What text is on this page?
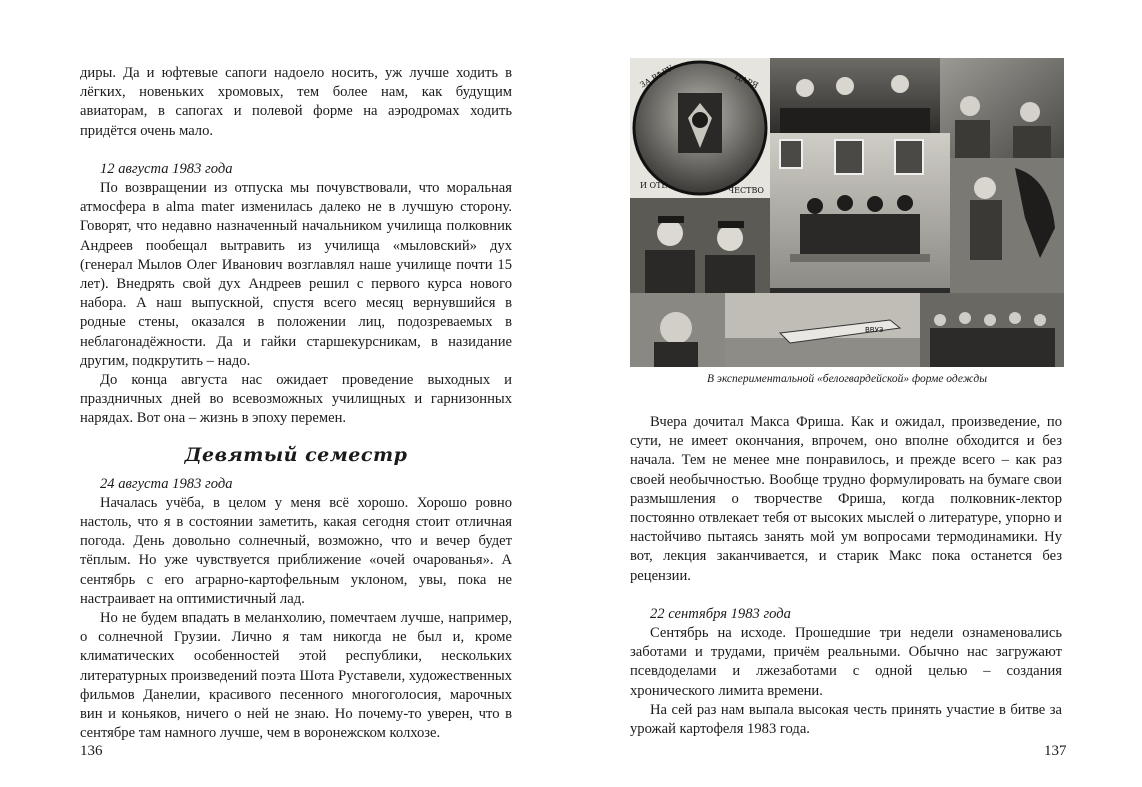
диры. Да и юфтевые сапоги надоело носить, уж лучше ходить в лёгких, новеньких хромовых, тем более нам, как будущим авиаторам, в сапогах и полевой форме на аэродромах ходить придётся очень мало.

12 августа 1983 года

По возвращении из отпуска мы почувствовали, что моральная атмосфера в alma mater изменилась далеко не в лучшую сторону. Говорят, что недавно назначенный начальником училища полковник Андреев пообещал вытравить из училища «мыловский» дух (генерал Мылов Олег Иванович возглавлял наше училище почти 15 лет). Внедрять свой дух Андреев решил с первого курса нового набора. А наш выпускной, спустя всего месяц вернувшийся в родные стены, оказался в положении лиц, подозреваемых в неблагонадёжности. Да и гайки старшекурсникам, в назидание другим, подкрутить – надо.

До конца августа нас ожидает проведение выходных и праздничных дней во всевозможных училищных и гарнизонных нарядах. Вот она – жизнь в эпоху перемен.

Девятый семестр
24 августа 1983 года

Началась учёба, в целом у меня всё хорошо. Хорошо ровно настоль, что я в состоянии заметить, какая сегодня стоит отличная погода. День довольно солнечный, возможно, что и вечер будет тёплым. Но уже чувствуется приближение «очей очарованья». А сентябрь с его аграрно-картофельным уклоном, увы, пока не настраивает на оптимистичный лад.

Но не будем впадать в меланхолию, помечтаем лучше, например, о солнечной Грузии. Лично я там никогда не был и, кроме климатических особенностей этой республики, нескольких литературных произведений поэта Шота Руставели, художественных фильмов Данелии, красивого песенного многоголосия, марочных вин и коньяков, ничего о ней не знаю. Но почему-то уверен, что в сентябре там намного лучше, чем в воронежском колхозе.

136
ЗА ВѢРУ	ЦАРЯ
И ОТЕ
ЧЕСТВО
ВВУЗ
В экспериментальной «белогвардейской» форме одежды

Вчера дочитал Макса Фриша. Как и ожидал, произведение, по сути, не имеет окончания, впрочем, оно вполне обходится и без начала. Тем не менее мне понравилось, и прежде всего – как раз своей необычностью. Вообще трудно формулировать на бумаге свои размышления о творчестве Фриша, когда полковник-лектор постоянно отвлекает тебя от высоких мыслей о литературе, упорно и настойчиво пытаясь занять мой ум вопросами термодинамики. Ну вот, лекция заканчивается, и старик Макс пока останется без рецензии.

22 сентября 1983 года

Сентябрь на исходе. Прошедшие три недели ознаменовались заботами и трудами, причём реальными. Обычно нас загружают псевдоделами и лжезаботами с одной целью – создания хронического лимита времени.

На сей раз нам выпала высокая честь принять участие в битве за урожай картофеля 1983 года.

137
